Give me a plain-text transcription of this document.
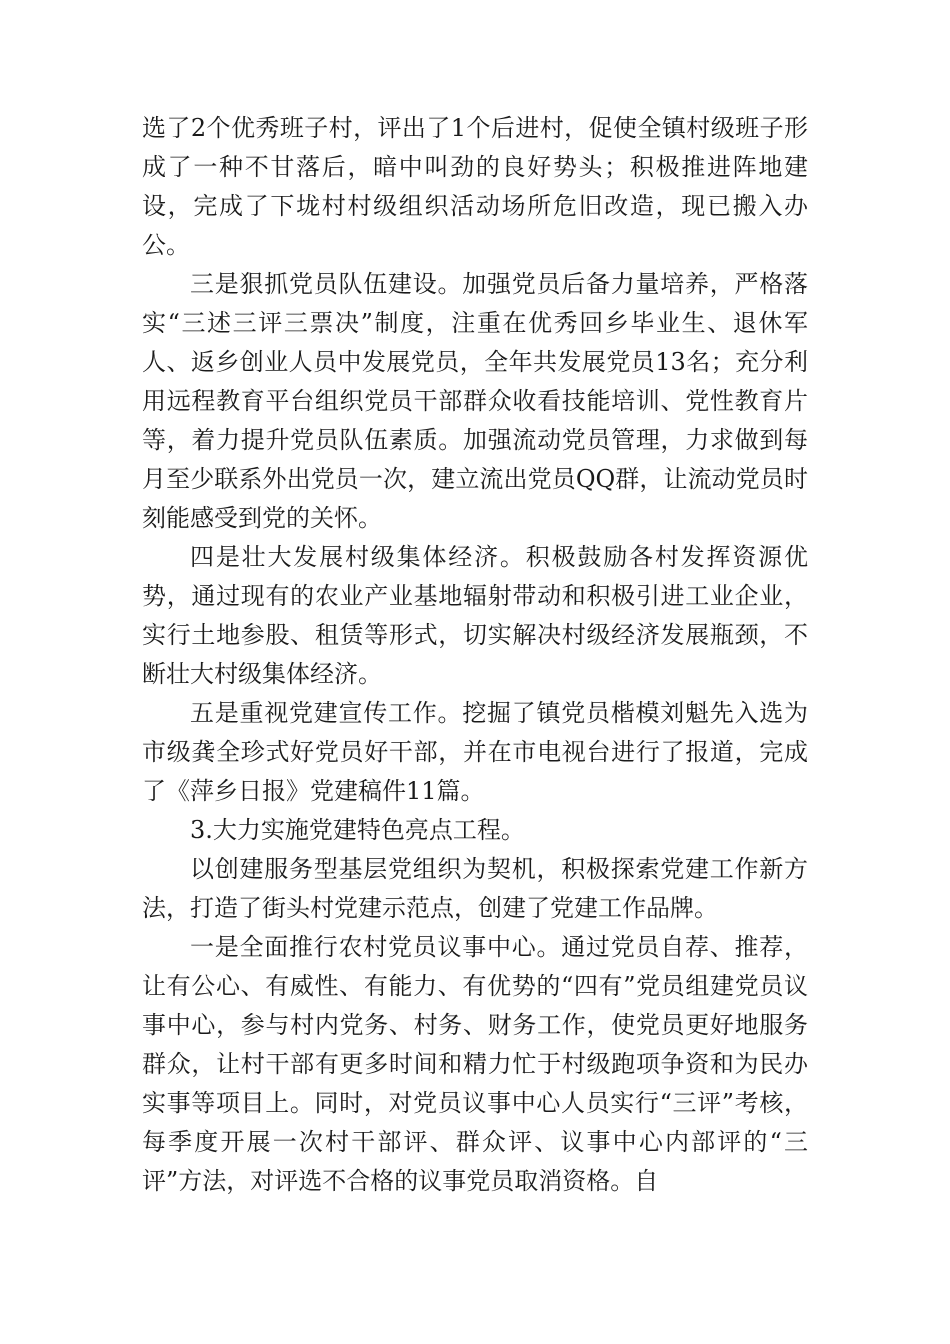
选了2个优秀班子村，评出了1个后进村，促使全镇村级班子形成了一种不甘落后，暗中叫劲的良好势头；积极推进阵地建设，完成了下垅村村级组织活动场所危旧改造，现已搬入办公。

三是狠抓党员队伍建设。加强党员后备力量培养，严格落实“三述三评三票决”制度，注重在优秀回乡毕业生、退休军人、返乡创业人员中发展党员，全年共发展党员13名；充分利用远程教育平台组织党员干部群众收看技能培训、党性教育片等，着力提升党员队伍素质。加强流动党员管理，力求做到每月至少联系外出党员一次，建立流出党员QQ群，让流动党员时刻能感受到党的关怀。

四是壮大发展村级集体经济。积极鼓励各村发挥资源优势，通过现有的农业产业基地辐射带动和积极引进工业企业，实行土地参股、租赁等形式，切实解决村级经济发展瓶颈，不断壮大村级集体经济。

五是重视党建宣传工作。挖掘了镇党员楷模刘魁先入选为市级龚全珍式好党员好干部，并在市电视台进行了报道，完成了《萍乡日报》党建稿件11篇。

3.大力实施党建特色亮点工程。

以创建服务型基层党组织为契机，积极探索党建工作新方法，打造了街头村党建示范点，创建了党建工作品牌。

一是全面推行农村党员议事中心。通过党员自荐、推荐，让有公心、有威性、有能力、有优势的“四有”党员组建党员议事中心，参与村内党务、村务、财务工作，使党员更好地服务群众，让村干部有更多时间和精力忙于村级跑项争资和为民办实事等项目上。同时，对党员议事中心人员实行“三评”考核，每季度开展一次村干部评、群众评、议事中心内部评的“三评”方法，对评选不合格的议事党员取消资格。自
